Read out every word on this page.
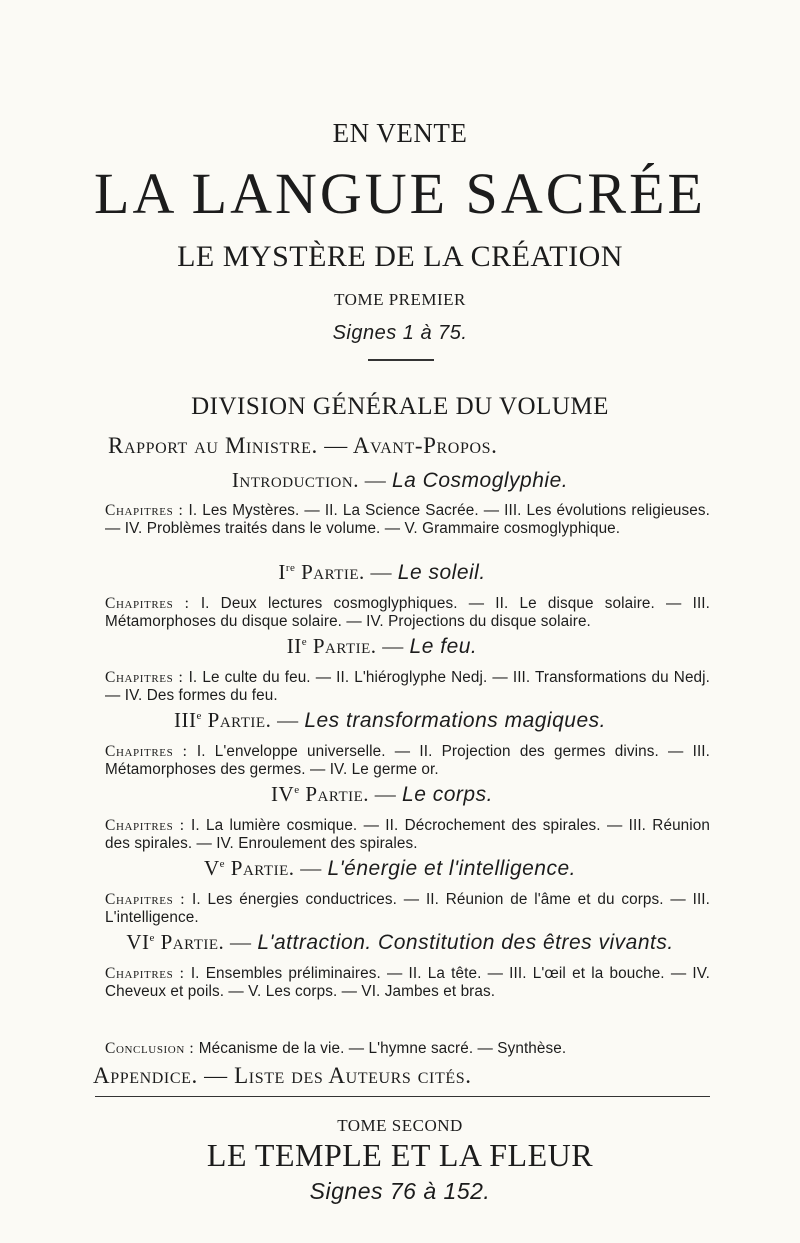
EN VENTE
LA LANGUE SACRÉE
LE MYSTÈRE DE LA CRÉATION
TOME PREMIER
Signes 1 à 75.
DIVISION GÉNÉRALE DU VOLUME
Rapport au Ministre. — Avant-Propos.
Introduction. — La Cosmoglyphie.
Chapitres : I. Les Mystères. — II. La Science Sacrée. — III. Les évolutions religieuses. — IV. Problèmes traités dans le volume. — V. Grammaire cosmoglyphique.
Ire Partie. — Le soleil.
Chapitres : I. Deux lectures cosmoglyphiques. — II. Le disque solaire. — III. Métamorphoses du disque solaire. — IV. Projections du disque solaire.
IIe Partie. — Le feu.
Chapitres : I. Le culte du feu. — II. L'hiéroglyphe Nedj. — III. Transformations du Nedj. — IV. Des formes du feu.
IIIe Partie. — Les transformations magiques.
Chapitres : I. L'enveloppe universelle. — II. Projection des germes divins. — III. Métamorphoses des germes. — IV. Le germe or.
IVe Partie. — Le corps.
Chapitres : I. La lumière cosmique. — II. Décrochement des spirales. — III. Réunion des spirales. — IV. Enroulement des spirales.
Ve Partie. — L'énergie et l'intelligence.
Chapitres : I. Les énergies conductrices. — II. Réunion de l'âme et du corps. — III. L'intelligence.
VIe Partie. — L'attraction. Constitution des êtres vivants.
Chapitres : I. Ensembles préliminaires. — II. La tête. — III. L'œil et la bouche. — IV. Cheveux et poils. — V. Les corps. — VI. Jambes et bras.
TOME SECOND
LE TEMPLE ET LA FLEUR
Signes 76 à 152.
Conclusion : Mécanisme de la vie. — L'hymne sacré. — Synthèse.
Appendice. — Liste des Auteurs cités.
